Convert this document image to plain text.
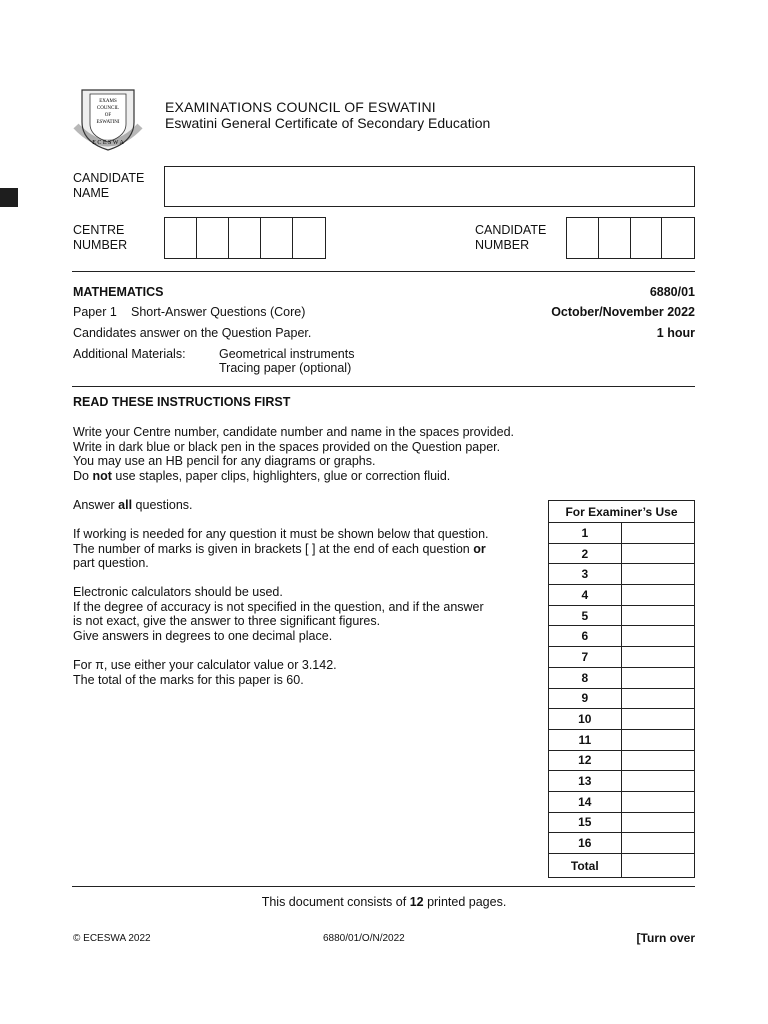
EXAMS
COUNCIL
OF
ESWATINI
E C E S W A
EXAMINATIONS COUNCIL OF ESWATINI
Eswatini General Certificate of Secondary Education
CANDIDATE
NAME
CENTRE
NUMBER
CANDIDATE
NUMBER
MATHEMATICS	6880/01
Paper 1 Short-Answer Questions (Core)	October/November 2022
Candidates answer on the Question Paper.	1 hour
Additional Materials:	Geometrical instruments
Tracing paper (optional)
READ THESE INSTRUCTIONS FIRST
Write your Centre number, candidate number and name in the spaces provided.
Write in dark blue or black pen in the spaces provided on the Question paper.
You may use an HB pencil for any diagrams or graphs.
Do not use staples, paper clips, highlighters, glue or correction fluid.
Answer all questions.
If working is needed for any question it must be shown below that question.
The number of marks is given in brackets [ ] at the end of each question or
part question.
Electronic calculators should be used.
If the degree of accuracy is not specified in the question, and if the answer
is not exact, give the answer to three significant figures.
Give answers in degrees to one decimal place.
For π, use either your calculator value or 3.142.
The total of the marks for this paper is 60.
For Examiner’s Use	
1	
2	
3	
4	
5	
6	
7	
8	
9	
10	
11	
12	
13	
14	
15	
16	
Total	
This document consists of 12 printed pages.
© ECESWA 2022	6880/01/O/N/2022	[Turn over
